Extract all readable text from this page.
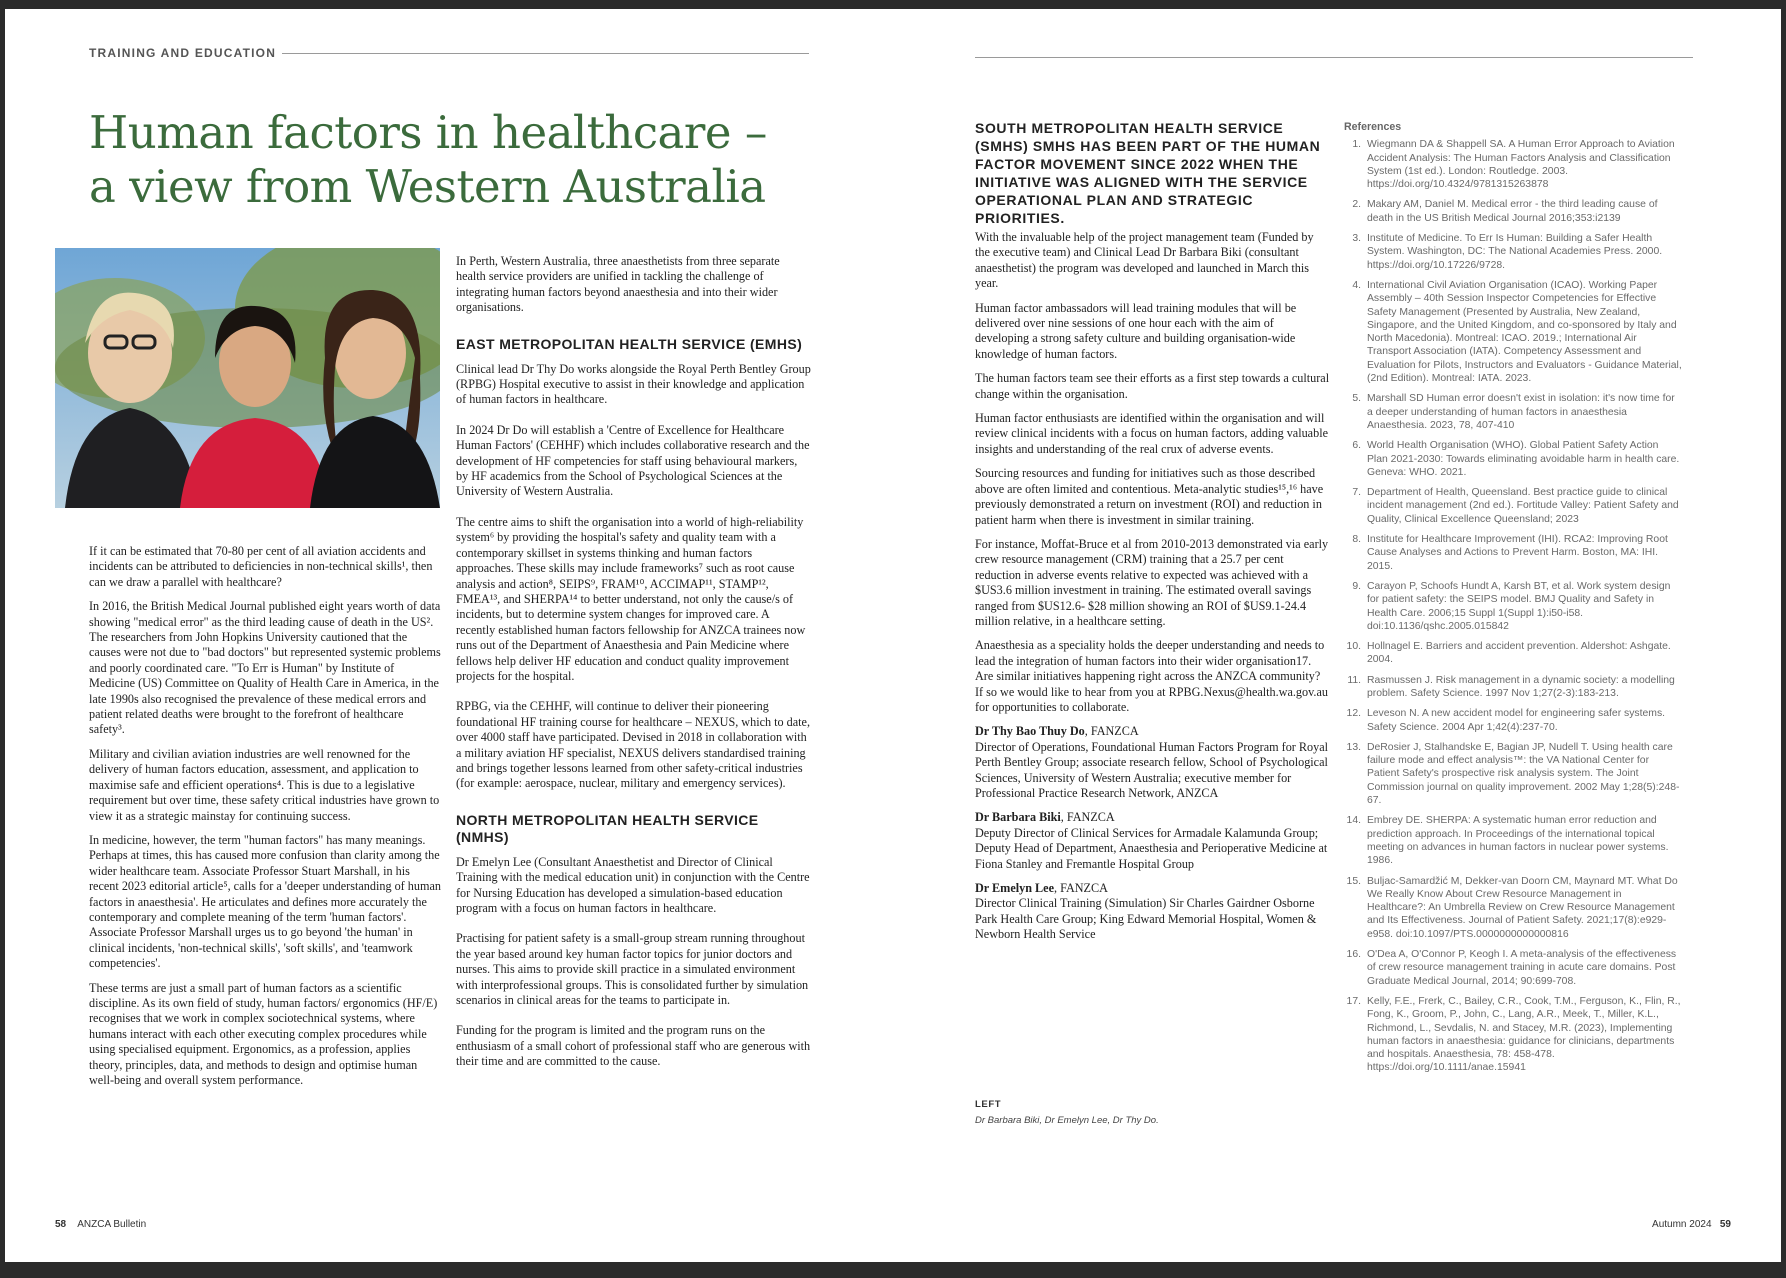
TRAINING AND EDUCATION
Human factors in healthcare –
a view from Western Australia

If it can be estimated that 70-80 per cent of all aviation accidents and incidents can be attributed to deficiencies in non-technical skills¹, then can we draw a parallel with healthcare?

In 2016, the British Medical Journal published eight years worth of data showing "medical error" as the third leading cause of death in the US². The researchers from John Hopkins University cautioned that the causes were not due to "bad doctors" but represented systemic problems and poorly coordinated care. "To Err is Human" by Institute of Medicine (US) Committee on Quality of Health Care in America, in the late 1990s also recognised the prevalence of these medical errors and patient related deaths were brought to the forefront of healthcare safety³.

Military and civilian aviation industries are well renowned for the delivery of human factors education, assessment, and application to maximise safe and efficient operations⁴. This is due to a legislative requirement but over time, these safety critical industries have grown to view it as a strategic mainstay for continuing success.

In medicine, however, the term "human factors" has many meanings. Perhaps at times, this has caused more confusion than clarity among the wider healthcare team. Associate Professor Stuart Marshall, in his recent 2023 editorial article⁵, calls for a 'deeper understanding of human factors in anaesthesia'. He articulates and defines more accurately the contemporary and complete meaning of the term 'human factors'. Associate Professor Marshall urges us to go beyond 'the human' in clinical incidents, 'non-technical skills', 'soft skills', and 'teamwork competencies'.

These terms are just a small part of human factors as a scientific discipline. As its own field of study, human factors/ ergonomics (HF/E) recognises that we work in complex sociotechnical systems, where humans interact with each other executing complex procedures while using specialised equipment. Ergonomics, as a profession, applies theory, principles, data, and methods to design and optimise human well-being and overall system performance.

In Perth, Western Australia, three anaesthetists from three separate health service providers are unified in tackling the challenge of integrating human factors beyond anaesthesia and into their wider organisations.

EAST METROPOLITAN HEALTH SERVICE (EMHS)

Clinical lead Dr Thy Do works alongside the Royal Perth Bentley Group (RPBG) Hospital executive to assist in their knowledge and application of human factors in healthcare.

In 2024 Dr Do will establish a 'Centre of Excellence for Healthcare Human Factors' (CEHHF) which includes collaborative research and the development of HF competencies for staff using behavioural markers, by HF academics from the School of Psychological Sciences at the University of Western Australia.

The centre aims to shift the organisation into a world of high-reliability system⁶ by providing the hospital's safety and quality team with a contemporary skillset in systems thinking and human factors approaches. These skills may include frameworks⁷ such as root cause analysis and action⁸, SEIPS⁹, FRAM¹⁰, ACCIMAP¹¹, STAMP¹², FMEA¹³, and SHERPA¹⁴ to better understand, not only the cause/s of incidents, but to determine system changes for improved care. A recently established human factors fellowship for ANZCA trainees now runs out of the Department of Anaesthesia and Pain Medicine where fellows help deliver HF education and conduct quality improvement projects for the hospital.

RPBG, via the CEHHF, will continue to deliver their pioneering foundational HF training course for healthcare – NEXUS, which to date, over 4000 staff have participated. Devised in 2018 in collaboration with a military aviation HF specialist, NEXUS delivers standardised training and brings together lessons learned from other safety-critical industries (for example: aerospace, nuclear, military and emergency services).

NORTH METROPOLITAN HEALTH SERVICE (NMHS)

Dr Emelyn Lee (Consultant Anaesthetist and Director of Clinical Training with the medical education unit) in conjunction with the Centre for Nursing Education has developed a simulation-based education program with a focus on human factors in healthcare.

Practising for patient safety is a small-group stream running throughout the year based around key human factor topics for junior doctors and nurses. This aims to provide skill practice in a simulated environment with interprofessional groups. This is consolidated further by simulation scenarios in clinical areas for the teams to participate in.

Funding for the program is limited and the program runs on the enthusiasm of a small cohort of professional staff who are generous with their time and are committed to the cause.

SOUTH METROPOLITAN HEALTH SERVICE (SMHS) SMHS HAS BEEN PART OF THE HUMAN FACTOR MOVEMENT SINCE 2022 WHEN THE INITIATIVE WAS ALIGNED WITH THE SERVICE OPERATIONAL PLAN AND STRATEGIC PRIORITIES.

With the invaluable help of the project management team (Funded by the executive team) and Clinical Lead Dr Barbara Biki (consultant anaesthetist) the program was developed and launched in March this year.

Human factor ambassadors will lead training modules that will be delivered over nine sessions of one hour each with the aim of developing a strong safety culture and building organisation-wide knowledge of human factors.

The human factors team see their efforts as a first step towards a cultural change within the organisation.

Human factor enthusiasts are identified within the organisation and will review clinical incidents with a focus on human factors, adding valuable insights and understanding of the real crux of adverse events.

Sourcing resources and funding for initiatives such as those described above are often limited and contentious. Meta-analytic studies¹⁵,¹⁶ have previously demonstrated a return on investment (ROI) and reduction in patient harm when there is investment in similar training.

For instance, Moffat-Bruce et al from 2010-2013 demonstrated via early crew resource management (CRM) training that a 25.7 per cent reduction in adverse events relative to expected was achieved with a $US3.6 million investment in training. The estimated overall savings ranged from $US12.6- $28 million showing an ROI of $US9.1-24.4 million relative, in a healthcare setting.

Anaesthesia as a speciality holds the deeper understanding and needs to lead the integration of human factors into their wider organisation17. Are similar initiatives happening right across the ANZCA community? If so we would like to hear from you at RPBG.Nexus@health.wa.gov.au for opportunities to collaborate.

Dr Thy Bao Thuy Do, FANZCA
Director of Operations, Foundational Human Factors Program for Royal Perth Bentley Group; associate research fellow, School of Psychological Sciences, University of Western Australia; executive member for Professional Practice Research Network, ANZCA

Dr Barbara Biki, FANZCA
Deputy Director of Clinical Services for Armadale Kalamunda Group; Deputy Head of Department, Anaesthesia and Perioperative Medicine at Fiona Stanley and Fremantle Hospital Group

Dr Emelyn Lee, FANZCA
Director Clinical Training (Simulation) Sir Charles Gairdner Osborne Park Health Care Group; King Edward Memorial Hospital, Women & Newborn Health Service

LEFT
Dr Barbara Biki, Dr Emelyn Lee, Dr Thy Do.
References
1. Wiegmann DA & Shappell SA. A Human Error Approach to Aviation Accident Analysis: The Human Factors Analysis and Classification System (1st ed.). London: Routledge. 2003. https://doi.org/10.4324/9781315263878
2. Makary AM, Daniel M. Medical error - the third leading cause of death in the US British Medical Journal 2016;353:i2139
3. Institute of Medicine. To Err Is Human: Building a Safer Health System. Washington, DC: The National Academies Press. 2000. https://doi.org/10.17226/9728.
4. International Civil Aviation Organisation (ICAO). Working Paper Assembly – 40th Session Inspector Competencies for Effective Safety Management (Presented by Australia, New Zealand, Singapore, and the United Kingdom, and co-sponsored by Italy and North Macedonia). Montreal: ICAO. 2019.; International Air Transport Association (IATA). Competency Assessment and Evaluation for Pilots, Instructors and Evaluators - Guidance Material, (2nd Edition). Montreal: IATA. 2023.
5. Marshall SD Human error doesn't exist in isolation: it's now time for a deeper understanding of human factors in anaesthesia Anaesthesia. 2023, 78, 407-410
6. World Health Organisation (WHO). Global Patient Safety Action Plan 2021-2030: Towards eliminating avoidable harm in health care. Geneva: WHO. 2021.
7. Department of Health, Queensland. Best practice guide to clinical incident management (2nd ed.). Fortitude Valley: Patient Safety and Quality, Clinical Excellence Queensland; 2023
8. Institute for Healthcare Improvement (IHI). RCA2: Improving Root Cause Analyses and Actions to Prevent Harm. Boston, MA: IHI. 2015.
9. Carayon P, Schoofs Hundt A, Karsh BT, et al. Work system design for patient safety: the SEIPS model. BMJ Quality and Safety in Health Care. 2006;15 Suppl 1(Suppl 1):i50-i58. doi:10.1136/qshc.2005.015842
10. Hollnagel E. Barriers and accident prevention. Aldershot: Ashgate. 2004.
11. Rasmussen J. Risk management in a dynamic society: a modelling problem. Safety Science. 1997 Nov 1;27(2-3):183-213.
12. Leveson N. A new accident model for engineering safer systems. Safety Science. 2004 Apr 1;42(4):237-70.
13. DeRosier J, Stalhandske E, Bagian JP, Nudell T. Using health care failure mode and effect analysis™: the VA National Center for Patient Safety's prospective risk analysis system. The Joint Commission journal on quality improvement. 2002 May 1;28(5):248-67.
14. Embrey DE. SHERPA: A systematic human error reduction and prediction approach. In Proceedings of the international topical meeting on advances in human factors in nuclear power systems. 1986.
15. Buljac-Samardžić M, Dekker-van Doorn CM, Maynard MT. What Do We Really Know About Crew Resource Management in Healthcare?: An Umbrella Review on Crew Resource Management and Its Effectiveness. Journal of Patient Safety. 2021;17(8):e929-e958. doi:10.1097/PTS.0000000000000816
16. O'Dea A, O'Connor P, Keogh I. A meta-analysis of the effectiveness of crew resource management training in acute care domains. Post Graduate Medical Journal, 2014; 90:699-708.
17. Kelly, F.E., Frerk, C., Bailey, C.R., Cook, T.M., Ferguson, K., Flin, R., Fong, K., Groom, P., John, C., Lang, A.R., Meek, T., Miller, K.L., Richmond, L., Sevdalis, N. and Stacey, M.R. (2023), Implementing human factors in anaesthesia: guidance for clinicians, departments and hospitals. Anaesthesia, 78: 458-478. https://doi.org/10.1111/anae.15941
58 ANZCA Bulletin	Autumn 2024 59
